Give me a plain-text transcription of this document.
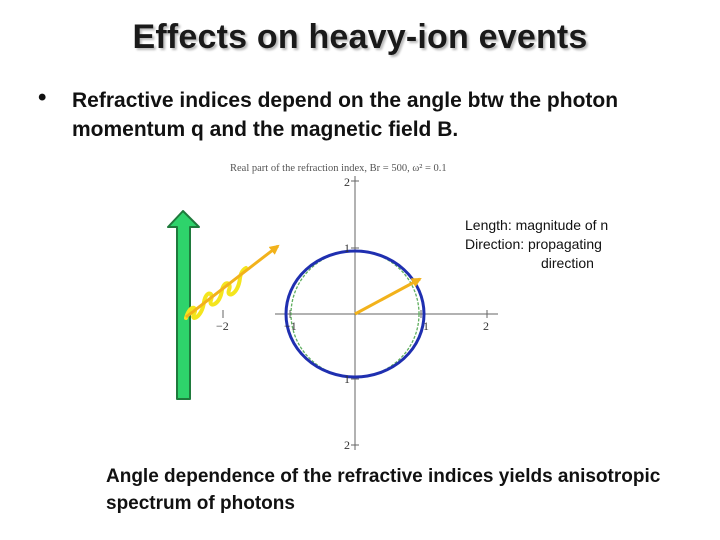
Effects on heavy-ion events
• Refractive indices depend on the angle btw the photon momentum q and the magnetic field B.
Real part of the refraction index, Br = 500, ω² = 0.1
−2	−1	1	2
2
1
1
2
Length: magnitude of n
Direction: propagating
direction
Angle dependence of the refractive indices yields anisotropic spectrum of photons
